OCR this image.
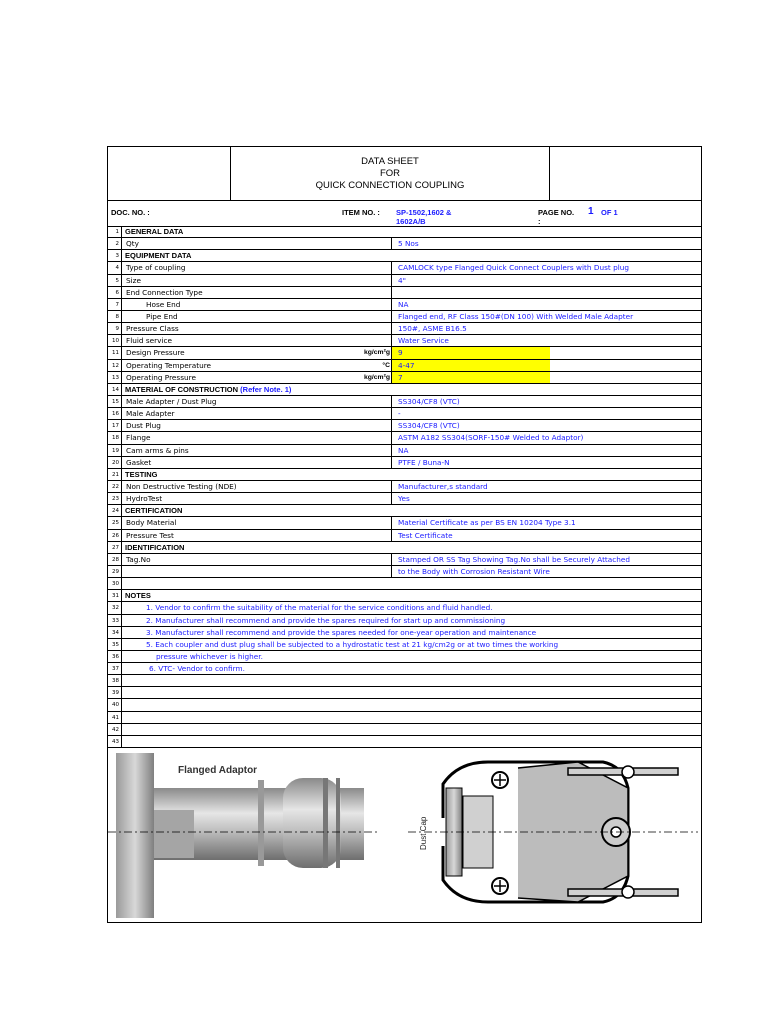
DATA SHEET
FOR
QUICK CONNECTION COUPLING
DOC. NO. :	ITEM NO. : SP-1502,1602 &
1602A/B
PAGE NO. 1 OF 1
:
1 GENERAL DATA
2 Qty	5 Nos
3 EQUIPMENT DATA
4 Type of coupling	CAMLOCK type Flanged Quick Connect Couplers with Dust plug
5 Size	4"
6 End Connection Type
7	Hose End	NA
8	Pipe End	Flanged end, RF Class 150#(DN 100) With Welded Male Adapter
9 Pressure Class	150#, ASME B16.5
10 Fluid service	Water Service
11 Design Pressure	kg/cm²g	9
12 Operating Temperature	°C	4-47
13 Operating Pressure	kg/cm²g	7
14 MATERIAL OF CONSTRUCTION (Refer Note. 1)
15 Male Adapter / Dust Plug	SS304/CF8 (VTC)
16 Male Adapter	-
17 Dust Plug	SS304/CF8 (VTC)
18 Flange	ASTM A182 SS304(SORF-150# Welded to Adaptor)
19 Cam arms & pins	NA
20 Gasket	PTFE / Buna-N
21 TESTING
22 Non Destructive Testing (NDE)	Manufacturer,s standard
23 HydroTest	Yes
24 CERTIFICATION
25 Body Material	Material Certificate as per BS EN 10204 Type 3.1
26 Pressure Test	Test Certificate
27 IDENTIFICATION
28 Tag.No	Stamped OR SS Tag Showing Tag.No shall be Securely Attached
29	to the Body with Corrosion Resistant Wire
30
31 NOTES
32	1. Vendor to confirm the suitability of the material for the service conditions and fluid handled.
33	2. Manufacturer shall recommend and provide the spares required for start up and commissioning
34	3. Manufacturer shall recommend and provide the spares needed for one-year operation and maintenance
35	5. Each coupler and dust plug shall be subjected to a hydrostatic test at 21 kg/cm2g or at two times the working
36	pressure whichever is higher.
37	6. VTC- Vendor to confirm.
38
39
40
41
42
43
Flanged Adaptor
Dust Cap
